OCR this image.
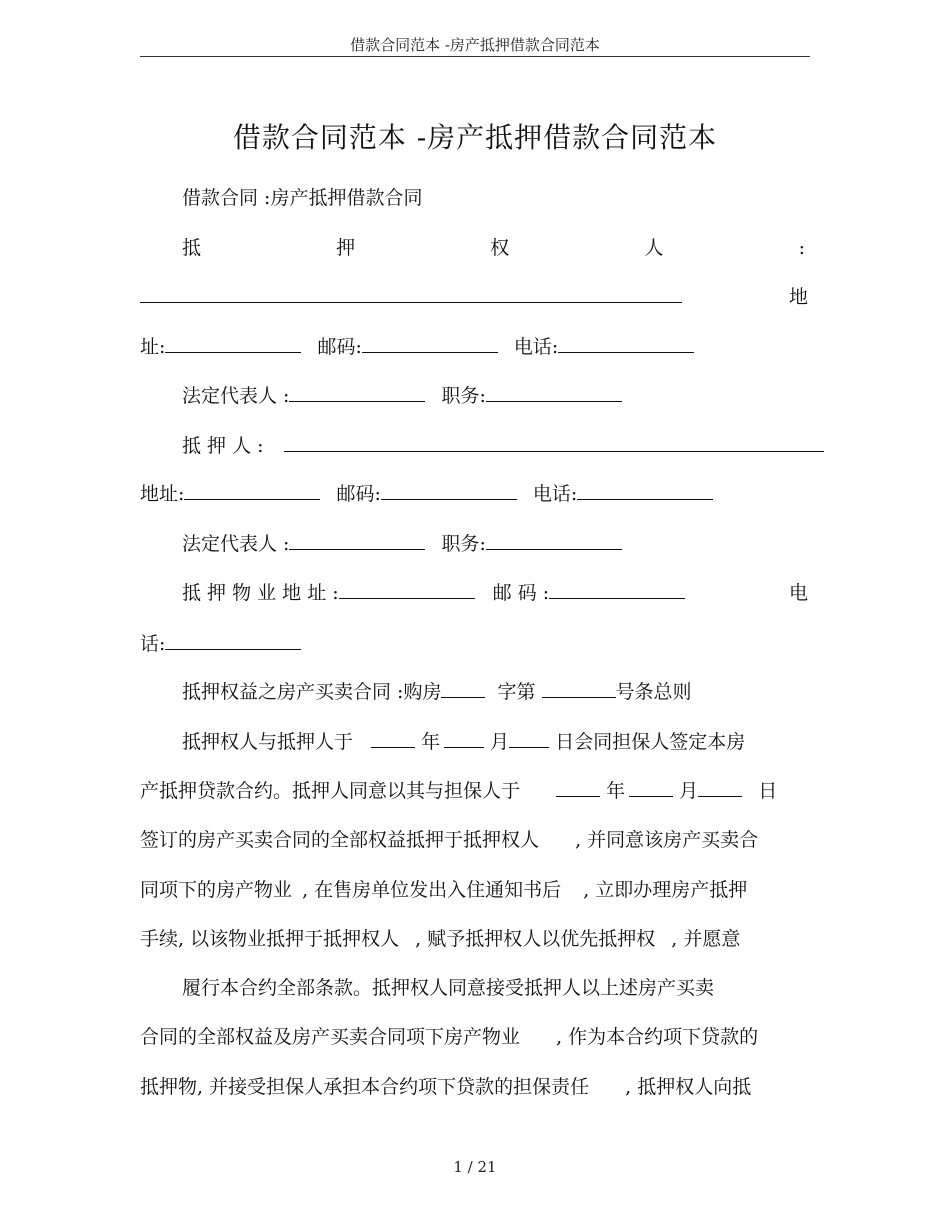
借款合同范本 -房产抵押借款合同范本
借款合同范本 -房产抵押借款合同范本
借款合同 :房产抵押借款合同
抵	押	权	人	:
地
址:	邮码:	电话:
法定代表人 :	职务:
抵 押 人 :
地址:	邮码:	电话:
法定代表人 :	职务:
抵 押 物 业 地 址 :	邮 码 :	电
话:
抵押权益之房产买卖合同 :购房	字第	号条总则
抵押权人与抵押人于	年	月 日会同担保人签定本房
产抵押贷款合约。抵押人同意以其与担保人于	年	月	日
签订的房产买卖合同的全部权益抵押于抵押权人 , 并同意该房产买卖合
同项下的房产物业 , 在售房单位发出入住通知书后 , 立即办理房产抵押
手续, 以该物业抵押于抵押权人 , 赋予抵押权人以优先抵押权 , 并愿意
履行本合约全部条款。抵押权人同意接受抵押人以上述房产买卖
合同的全部权益及房产买卖合同项下房产物业 , 作为本合约项下贷款的
抵押物, 并接受担保人承担本合约项下贷款的担保责任 , 抵押权人向抵
1 / 21
